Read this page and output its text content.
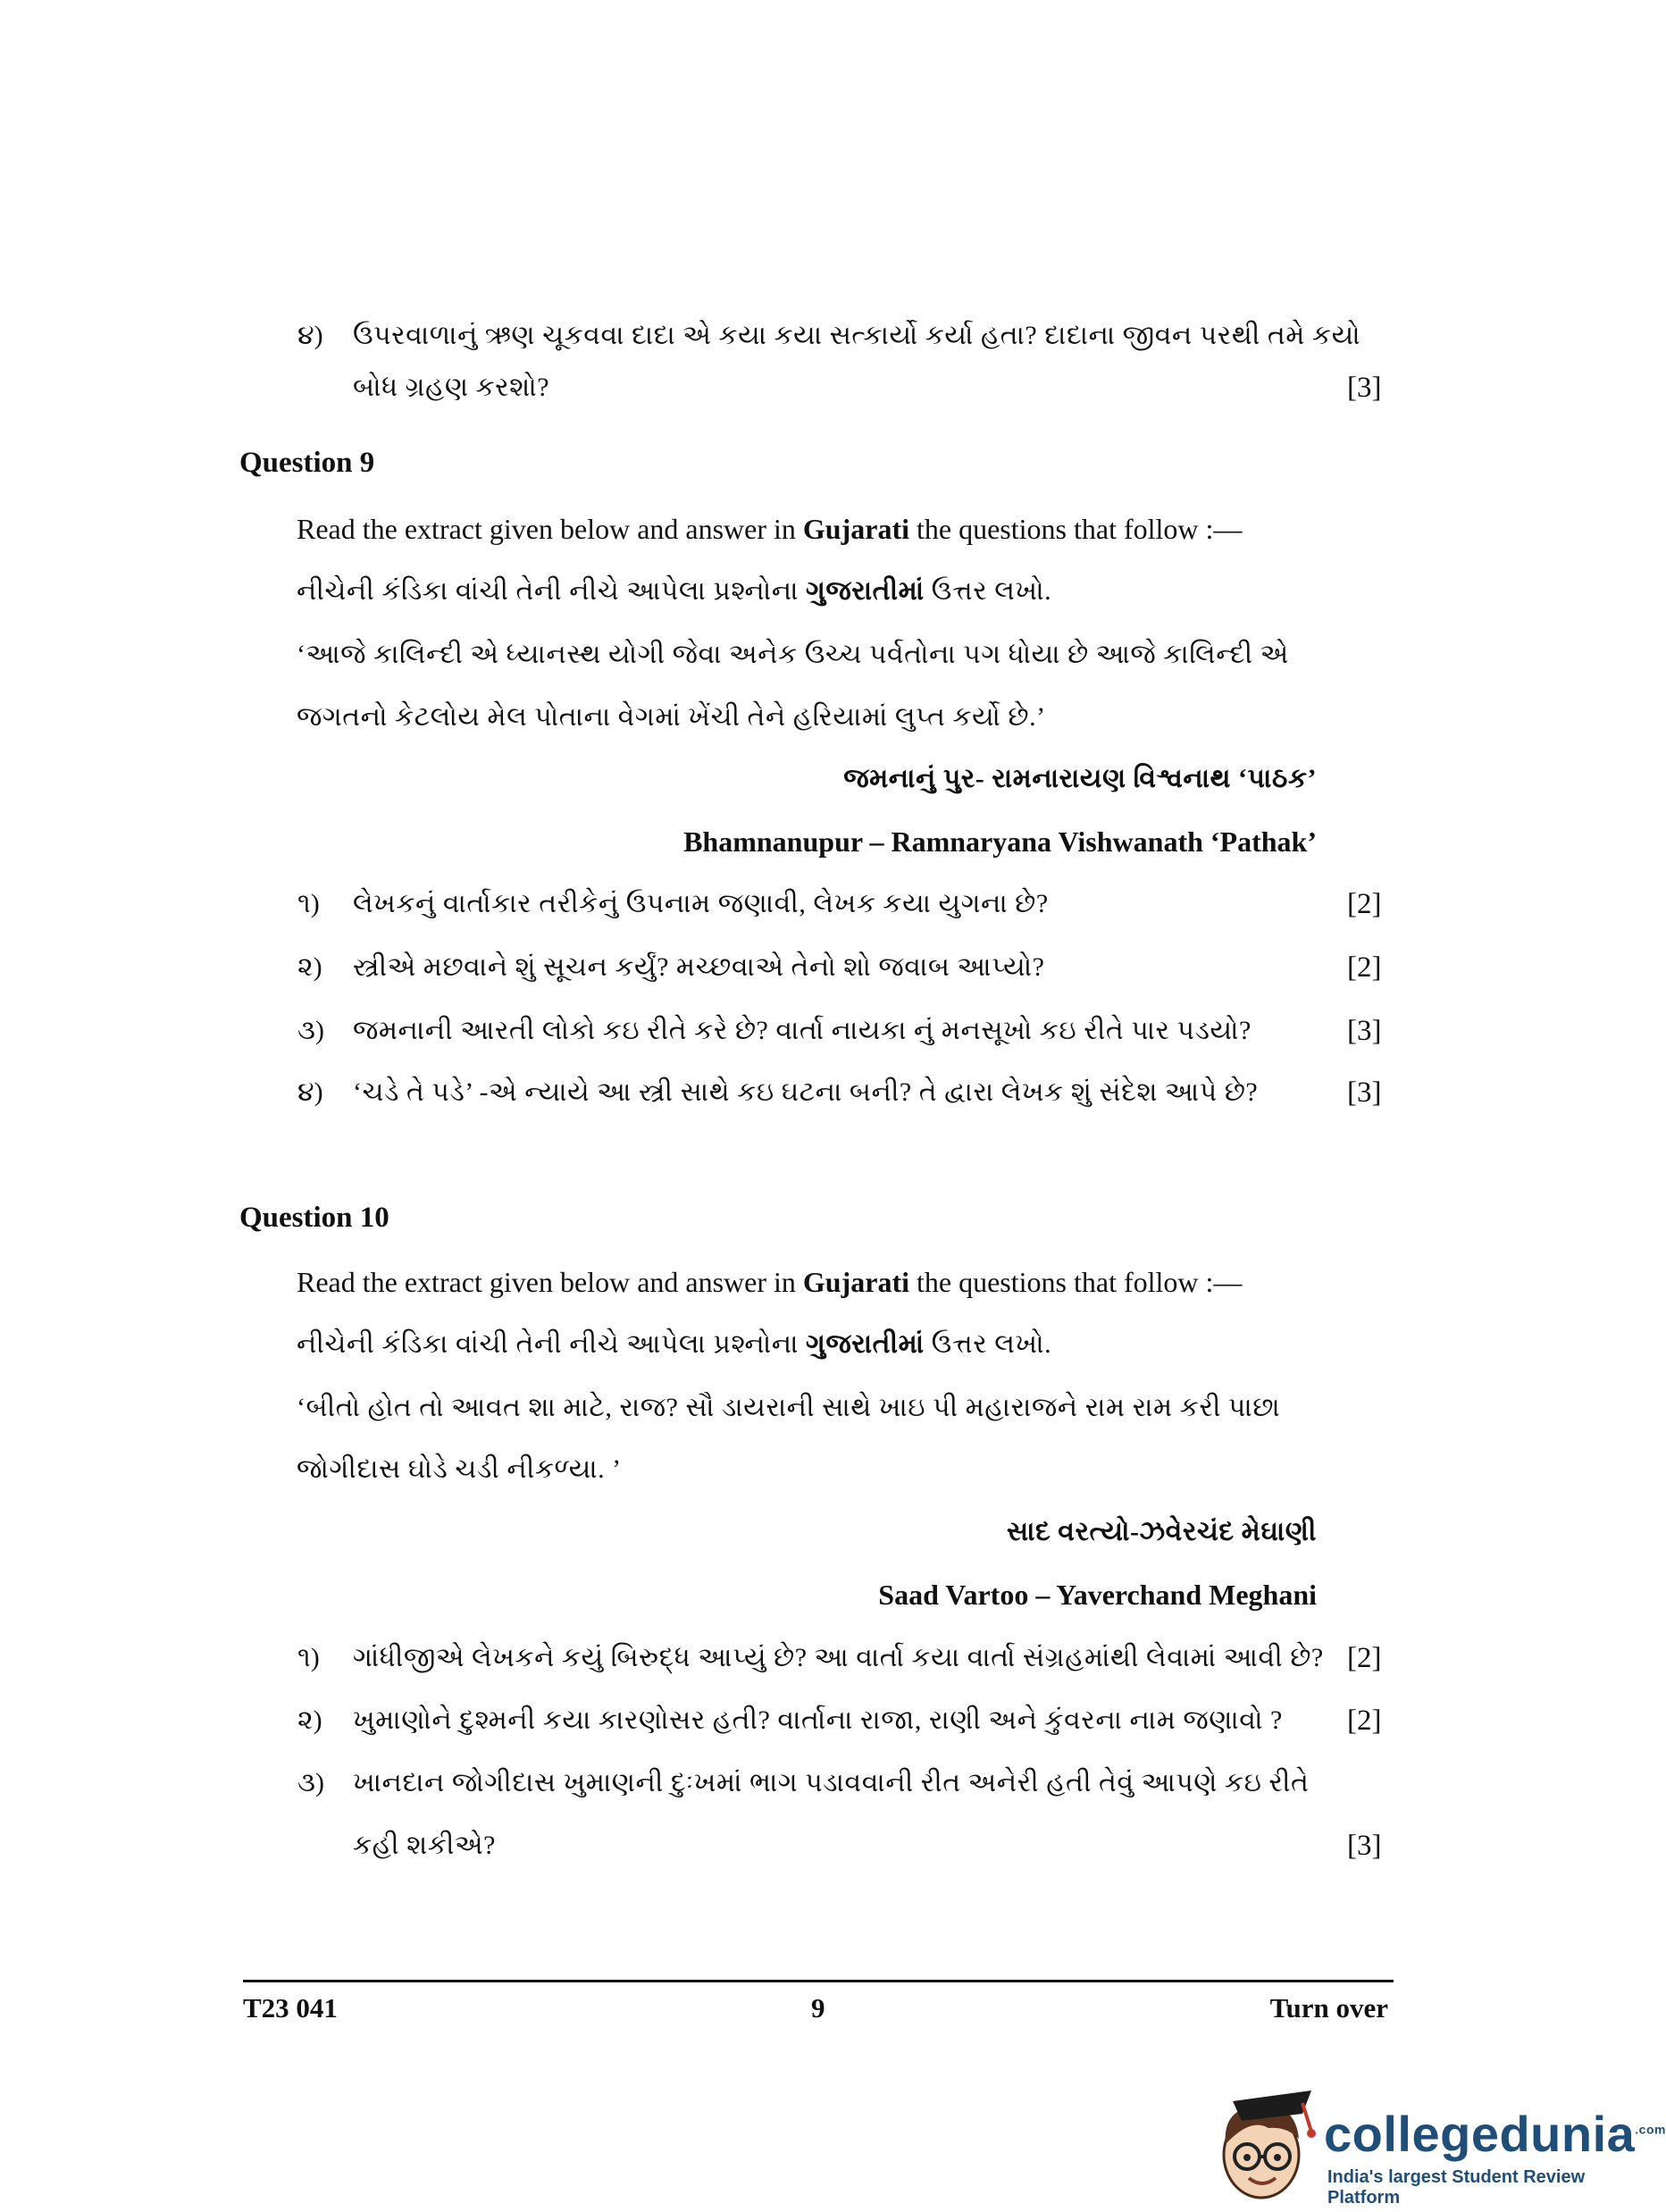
૪) ઉપરવાળાનું ઋણ ચૂકવવા દાદા એ કયા કયા સત્કાર્યો કર્યા હતા? દાદાના જીવન પરથી તમે કયો
બોધ ગ્રહણ કરશો?	[3]
Question 9
Read the extract given below and answer in Gujarati the questions that follow :—
નીચેની કંડિકા વાંચી તેની નીચે આપેલા પ્રશ્નોના ગુજરાતીમાં ઉત્તર લખો.
‘આજે કાલિન્દી એ ધ્યાનસ્થ યોગી જેવા અનેક ઉચ્ચ પર્વતોના પગ ધોયા છે આજે કાલિન્દી એ
જગતનો કેટલોય મેલ પોતાના વેગમાં ખેંચી તેને હરિયામાં લુપ્ત કર્યો છે.’
જમનાનું પુર- રામનારાયણ વિશ્વનાથ ‘પાઠક’
Bhamnanupur – Ramnaryana Vishwanath ‘Pathak’
૧) લેખકનું વાર્તાકાર તરીકેનું ઉપનામ જણાવી, લેખક કયા યુગના છે?	[2]
૨) સ્ત્રીએ મછવાને શું સૂચન કર્યું? મચ્છવાએ તેનો શો જવાબ આપ્યો?	[2]
૩) જમનાની આરતી લોકો કઇ રીતે કરે છે? વાર્તા નાયકા નું મનસૂખો કઇ રીતે પાર પડયો?	[3]
૪) ‘ચડે તે પડે’ -એ ન્યાયે આ સ્ત્રી સાથે કઇ ઘટના બની? તે દ્વારા લેખક શું સંદેશ આપે છે?	[3]
Question 10
Read the extract given below and answer in Gujarati the questions that follow :—
નીચેની કંડિકા વાંચી તેની નીચે આપેલા પ્રશ્નોના ગુજરાતીમાં ઉત્તર લખો.
‘બીતો હોત તો આવત શા માટે, રાજ? સૌ ડાયરાની સાથે ખાઇ પી મહારાજને રામ રામ કરી પાછા
જોગીદાસ ઘોડે ચડી નીકળ્યા. ’
સાદ વરત્યો-ઝવેરચંદ મેઘાણી
Saad Vartoo – Yaverchand Meghani
૧) ગાંધીજીએ લેખકને કયું બિરુદ્ધ આપ્યું છે? આ વાર્તા કયા વાર્તા સંગ્રહમાંથી લેવામાં આવી છે? [2]
૨) ખુમાણોને દુશ્મની કયા કારણોસર હતી? વાર્તાના રાજા, રાણી અને કુંવરના નામ જણાવો ? [2]
૩) ખાનદાન જોગીદાસ ખુમાણની દુઃખમાં ભાગ પડાવવાની રીત અનેરી હતી તેવું આપણે કઇ રીતે
કહી શકીએ?	[3]
T23 041	9	Turn over
collegedunia$^{.com}$
India's largest Student Review Platform
